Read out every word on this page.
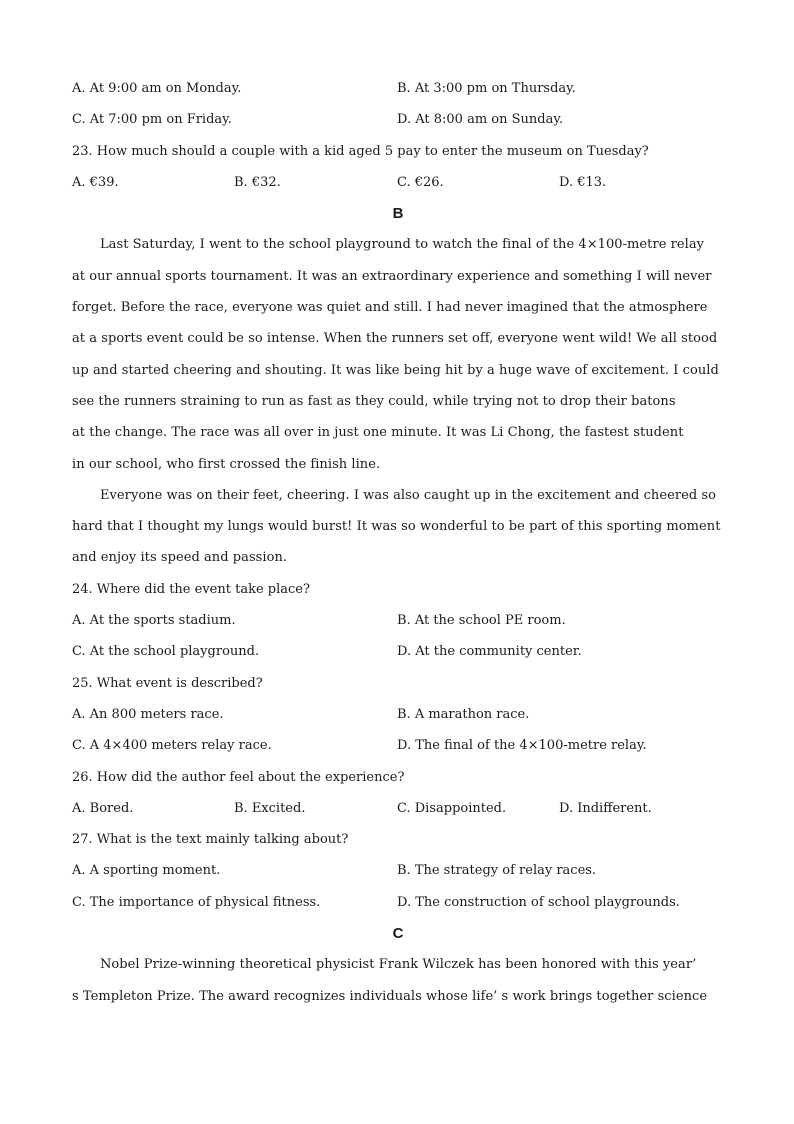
A. At 9:00 am on Monday.	B. At 3:00 pm on Thursday.
C. At 7:00 pm on Friday.	D. At 8:00 am on Sunday.
23. How much should a couple with a kid aged 5 pay to enter the museum on Tuesday?
A. €39.	B. €32.	C. €26.	D. €13.
B
Last Saturday, I went to the school playground to watch the final of the 4×100-metre relay
at our annual sports tournament. It was an extraordinary experience and something I will never
forget. Before the race, everyone was quiet and still. I had never imagined that the atmosphere
at a sports event could be so intense. When the runners set off, everyone went wild! We all stood
up and started cheering and shouting. It was like being hit by a huge wave of excitement. I could
see the runners straining to run as fast as they could, while trying not to drop their batons
at the change. The race was all over in just one minute. It was Li Chong, the fastest student
in our school, who first crossed the finish line.
Everyone was on their feet, cheering. I was also caught up in the excitement and cheered so
hard that I thought my lungs would burst! It was so wonderful to be part of this sporting moment
and enjoy its speed and passion.
24. Where did the event take place?
A. At the sports stadium.	B. At the school PE room.
C. At the school playground.	D. At the community center.
25. What event is described?
A. An 800 meters race.	B. A marathon race.
C. A 4×400 meters relay race.	D. The final of the 4×100-metre relay.
26. How did the author feel about the experience?
A. Bored.	B. Excited.	C. Disappointed.	D. Indifferent.
27. What is the text mainly talking about?
A. A sporting moment.	B. The strategy of relay races.
C. The importance of physical fitness.	D. The construction of school playgrounds.
C
Nobel Prize-winning theoretical physicist Frank Wilczek has been honored with this year’
s Templeton Prize. The award recognizes individuals whose life’ s work brings together science
